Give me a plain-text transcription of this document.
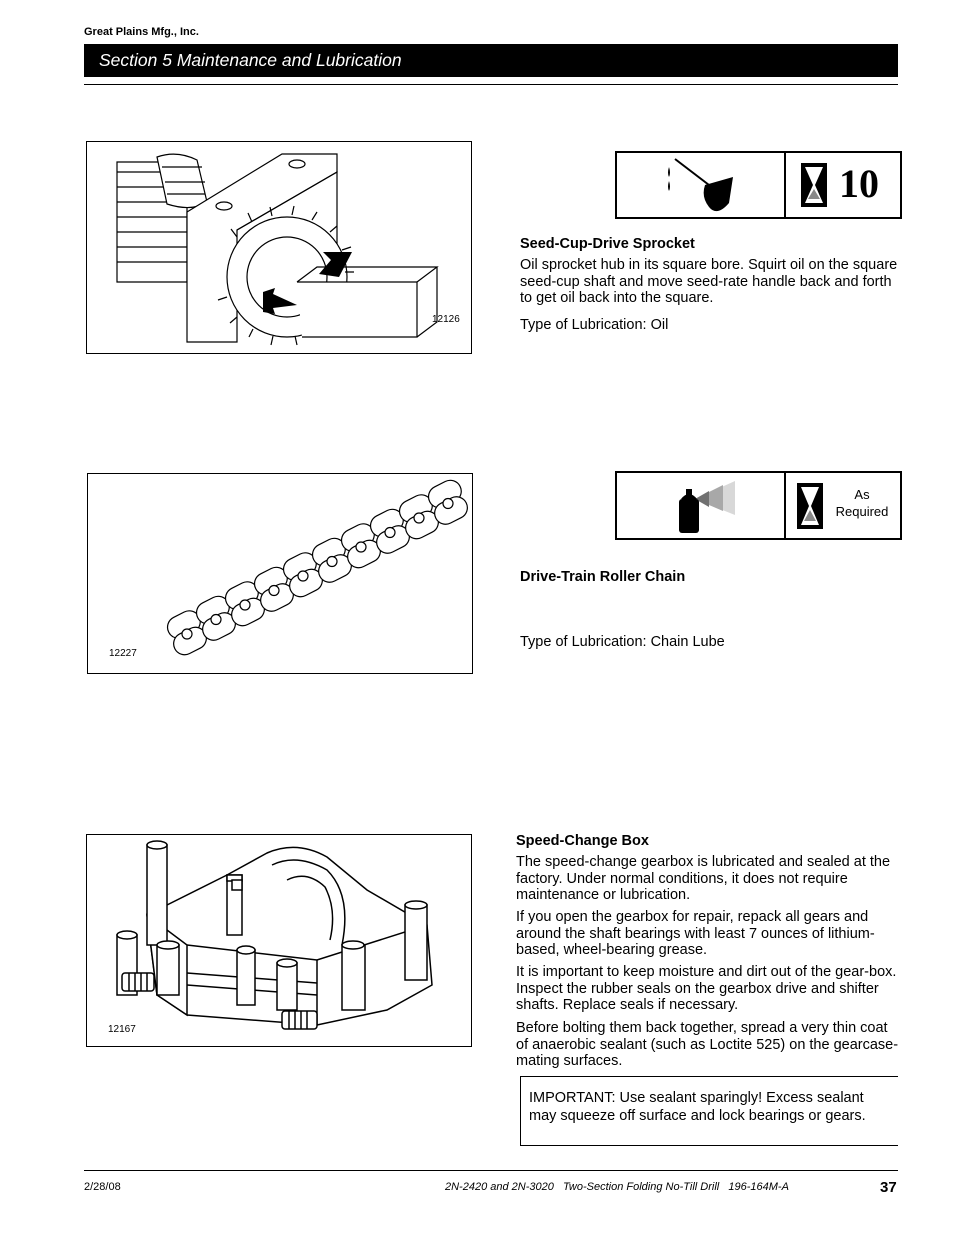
Great Plains Mfg., Inc.
Section 5 Maintenance and Lubrication
12126
10
Seed-Cup-Drive Sprocket
Oil sprocket hub in its square bore. Squirt oil on the square seed-cup shaft and move seed-rate handle back and forth to get oil back into the square.
Type of Lubrication: Oil
12227
As
Required
Drive-Train Roller Chain
Type of Lubrication: Chain Lube
12167
Speed-Change Box
The speed-change gearbox is lubricated and sealed at the factory. Under normal conditions, it does not require maintenance or lubrication.
If you open the gearbox for repair, repack all gears and around the shaft bearings with least 7 ounces of lithium-based, wheel-bearing grease.
It is important to keep moisture and dirt out of the gear-box. Inspect the rubber seals on the gearbox drive and shifter shafts. Replace seals if necessary.
Before bolting them back together, spread a very thin coat of anaerobic sealant (such as Loctite 525) on the gearcase-mating surfaces.
IMPORTANT: Use sealant sparingly! Excess sealant may squeeze off surface and lock bearings or gears.
2/28/08	2N-2420 and 2N-3020   Two-Section Folding No-Till Drill   196-164M-A	37
